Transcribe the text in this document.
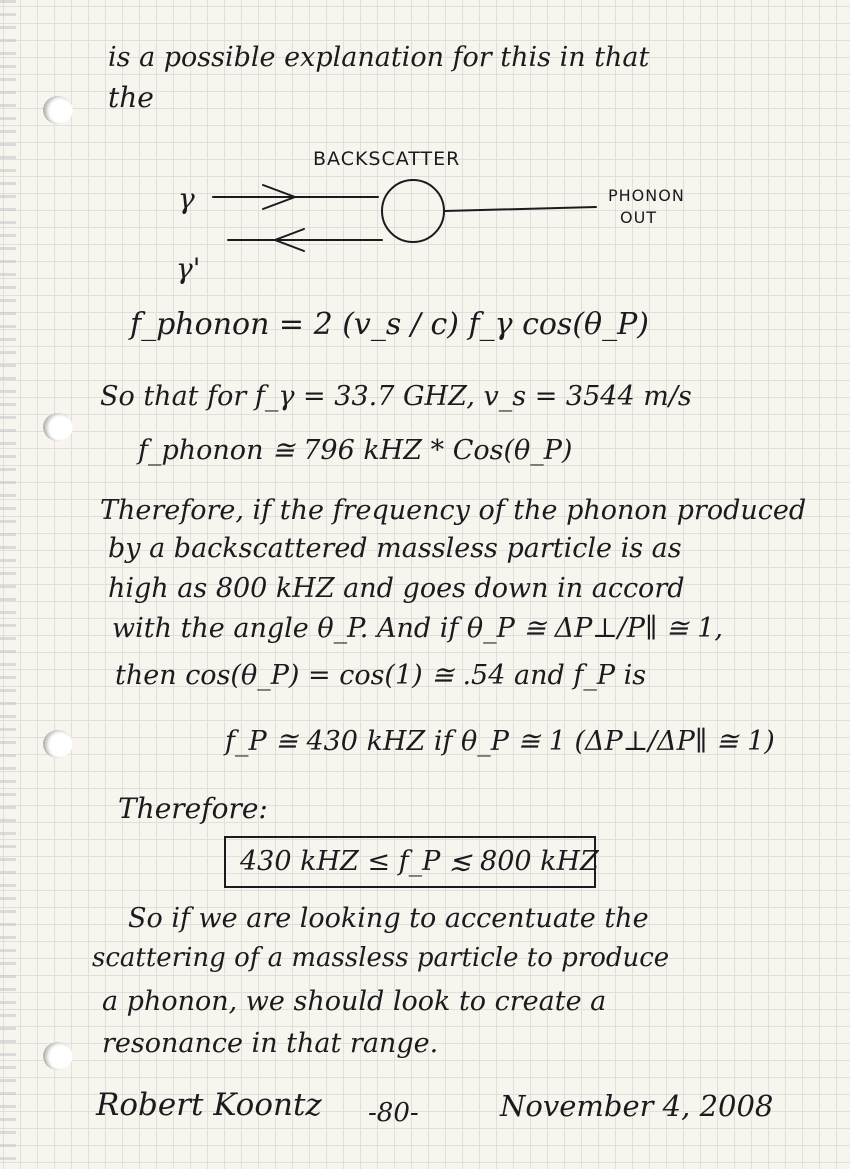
is a possible explanation for this in that
the
BACKSCATTER
γ
γ'
PHONON
OUT
f_phonon = 2 (v_s / c) f_γ cos(θ_P)
So that for f_γ = 33.7 GHZ, v_s = 3544 m/s
f_phonon ≅ 796 kHZ * Cos(θ_P)
Therefore, if the frequency of the phonon produced
by a backscattered massless particle is as
high as 800 kHZ and goes down in accord
with the angle θ_P. And if θ_P ≅ ΔP⊥/P∥ ≅ 1,
then cos(θ_P) = cos(1) ≅ .54 and f_P is
f_P ≅ 430 kHZ if θ_P ≅ 1 (ΔP⊥/ΔP∥ ≅ 1)
Therefore:
430 kHZ ≤ f_P ≲ 800 kHZ
So if we are looking to accentuate the
scattering of a massless particle to produce
a phonon, we should look to create a
resonance in that range.
Robert Koontz -80-	November 4, 2008
